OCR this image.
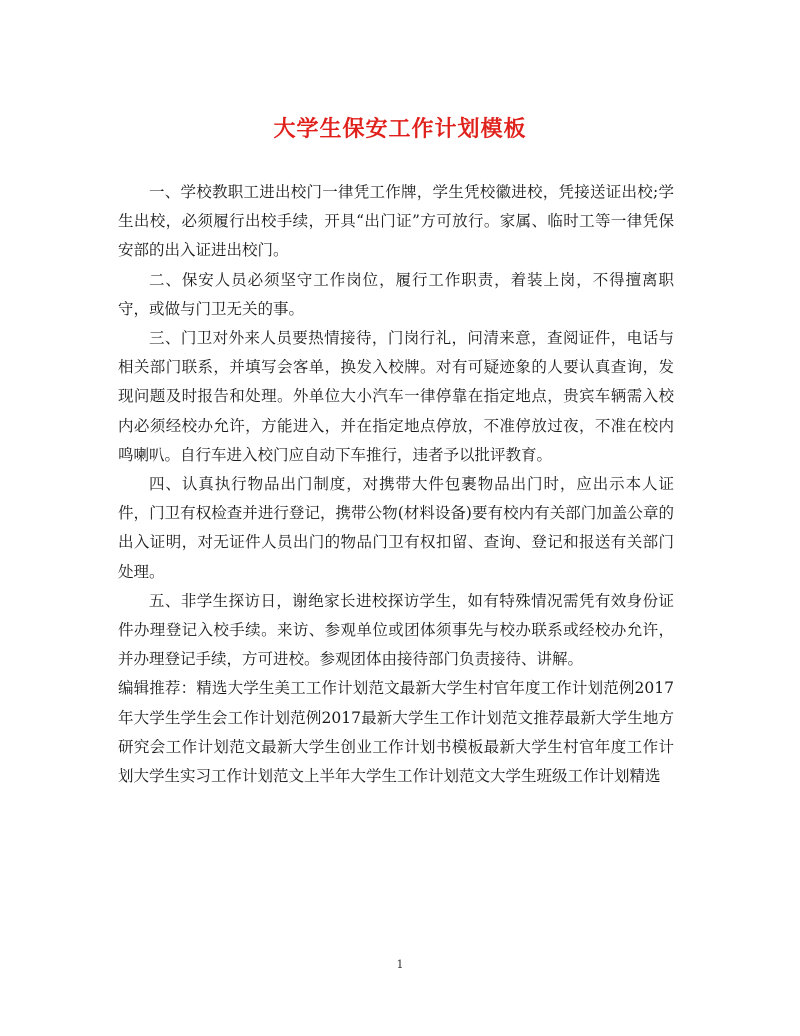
大学生保安工作计划模板

一、学校教职工进出校门一律凭工作牌，学生凭校徽进校，凭接送证出校;学生出校，必须履行出校手续，开具“出门证”方可放行。家属、临时工等一律凭保安部的出入证进出校门。

二、保安人员必须坚守工作岗位，履行工作职责，着装上岗，不得擅离职守，或做与门卫无关的事。

三、门卫对外来人员要热情接待，门岗行礼，问清来意，查阅证件，电话与相关部门联系，并填写会客单，换发入校牌。对有可疑迹象的人要认真查询，发现问题及时报告和处理。外单位大小汽车一律停靠在指定地点，贵宾车辆需入校内必须经校办允许，方能进入，并在指定地点停放，不准停放过夜，不准在校内鸣喇叭。自行车进入校门应自动下车推行，违者予以批评教育。

四、认真执行物品出门制度，对携带大件包裹物品出门时，应出示本人证件，门卫有权检查并进行登记，携带公物(材料设备)要有校内有关部门加盖公章的出入证明，对无证件人员出门的物品门卫有权扣留、查询、登记和报送有关部门处理。

五、非学生探访日，谢绝家长进校探访学生，如有特殊情况需凭有效身份证件办理登记入校手续。来访、参观单位或团体须事先与校办联系或经校办允许，并办理登记手续，方可进校。参观团体由接待部门负责接待、讲解。

编辑推荐：精选大学生美工工作计划范文最新大学生村官年度工作计划范例2017年大学生学生会工作计划范例2017最新大学生工作计划范文推荐最新大学生地方研究会工作计划范文最新大学生创业工作计划书模板最新大学生村官年度工作计划大学生实习工作计划范文上半年大学生工作计划范文大学生班级工作计划精选

1
